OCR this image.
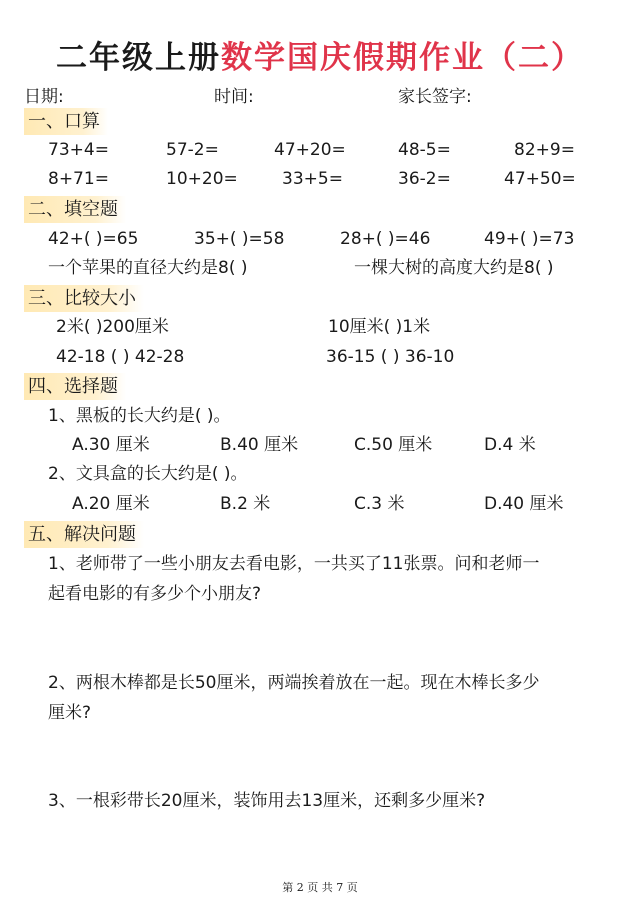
二年级上册数学国庆假期作业（二）
日期:	时间:	家长签字:
一、口算
73+4=	57-2=	47+20=	48-5=	82+9=
8+71=	10+20=	33+5=	36-2=	47+50=
二、填空题
42+( )=65	35+( )=58	28+( )=46	49+( )=73
一个苹果的直径大约是8( )	一棵大树的高度大约是8( )
三、比较大小
2米( )200厘米	10厘米( )1米
42-18 ( ) 42-28	36-15 ( ) 36-10
四、选择题
1、黑板的长大约是( )。
A.30 厘米	B.40 厘米	C.50 厘米	D.4 米
2、文具盒的长大约是( )。
A.20 厘米	B.2 米	C.3 米	D.40 厘米
五、解决问题
1、老师带了一些小朋友去看电影，一共买了11张票。问和老师一
起看电影的有多少个小朋友?
2、两根木棒都是长50厘米，两端挨着放在一起。现在木棒长多少
厘米?
3、一根彩带长20厘米，装饰用去13厘米，还剩多少厘米?
第 2 页 共 7 页
